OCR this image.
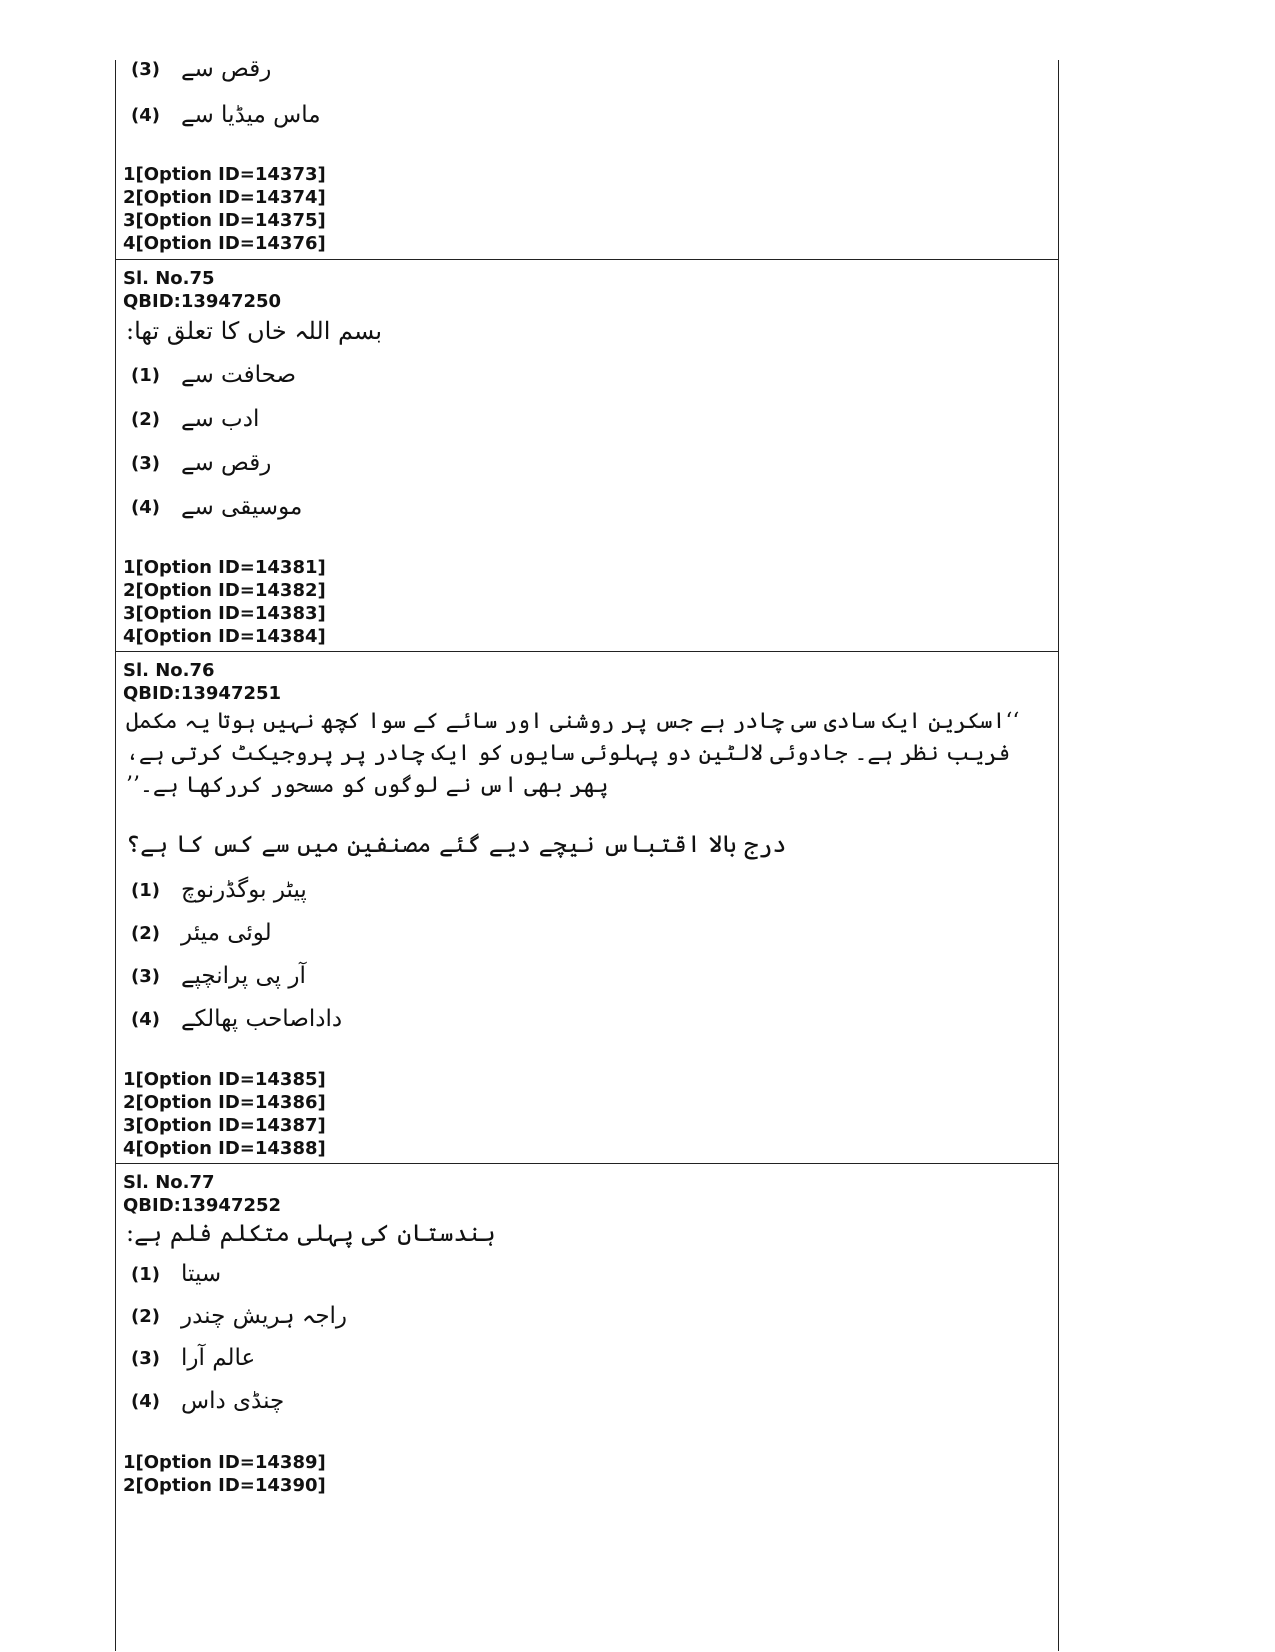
(3) رقص سے
(4) ماس میڈیا سے
1[Option ID=14373]
2[Option ID=14374]
3[Option ID=14375]
4[Option ID=14376]
Sl. No.75
QBID:13947250
بسم اللہ خاں کا تعلق تھا:
(1) صحافت سے
(2) ادب سے
(3) رقص سے
(4) موسیقی سے
1[Option ID=14381]
2[Option ID=14382]
3[Option ID=14383]
4[Option ID=14384]
Sl. No.76
QBID:13947251
‘‘اسکرین ایک سادی سی چادر ہے جس پر روشنی اور سائے کے سوا کچھ نہیں ہوتا یہ مکمل فریب نظر ہے۔ جادوئی لالٹین دو پہلوئی سایوں کو ایک چادر پر پروجیکٹ کرتی ہے، پھر بھی اس نے لوگوں کو مسحور کررکھا ہے۔’’
درج بالا اقتباس نیچے دیے گئے مصنفین میں سے کس کا ہے؟
(1) پیٹر بوگڈرنوچ
(2) لوئی میئر
(3) آر پی پرانچپے
(4) داداصاحب پھالکے
1[Option ID=14385]
2[Option ID=14386]
3[Option ID=14387]
4[Option ID=14388]
Sl. No.77
QBID:13947252
ہندستان کی پہلی متکلم فلم ہے:
(1) سیتا
(2) راجہ ہریش چندر
(3) عالم آرا
(4) چنڈی داس
1[Option ID=14389]
2[Option ID=14390]
